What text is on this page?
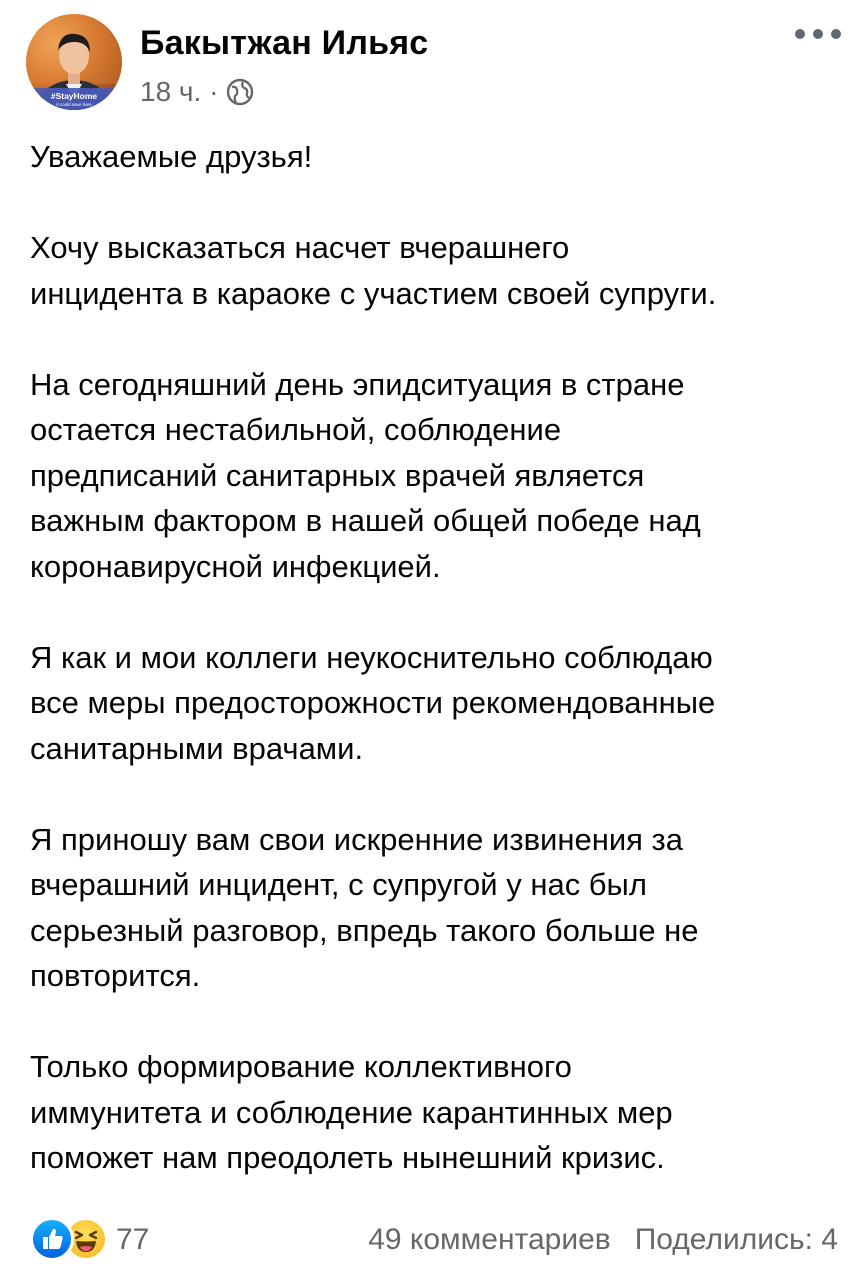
#StayHome
it could save lives
Бакытжан Ильяс
18 ч. ·

Уважаемые друзья!

Хочу высказаться насчет вчерашнего
инцидента в караоке с участием своей супруги.

На сегодняшний день эпидситуация в стране
остается нестабильной, соблюдение
предписаний санитарных врачей является
важным фактором в нашей общей победе над
коронавирусной инфекцией.

Я как и мои коллеги неукоснительно соблюдаю
все меры предосторожности рекомендованные
санитарными врачами.

Я приношу вам свои искренние извинения за
вчерашний инцидент, с супругой у нас был
серьезный разговор, впредь такого больше не
повторится.

Только формирование коллективного
иммунитета и соблюдение карантинных мер
поможет нам преодолеть нынешний кризис.

77	49 комментариев Поделились: 4
